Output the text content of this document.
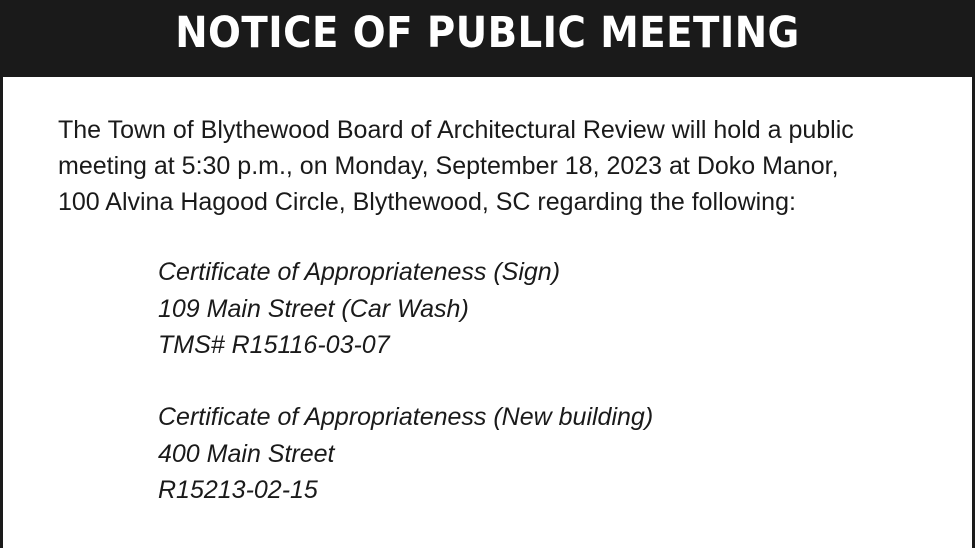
NOTICE OF PUBLIC MEETING
The Town of Blythewood Board of Architectural Review will hold a public
meeting at 5:30 p.m., on Monday, September 18, 2023 at Doko Manor,
100 Alvina Hagood Circle, Blythewood, SC regarding the following:
Certificate of Appropriateness (Sign)
109 Main Street (Car Wash)
TMS# R15116-03-07
Certificate of Appropriateness (New building)
400 Main Street
R15213-02-15
